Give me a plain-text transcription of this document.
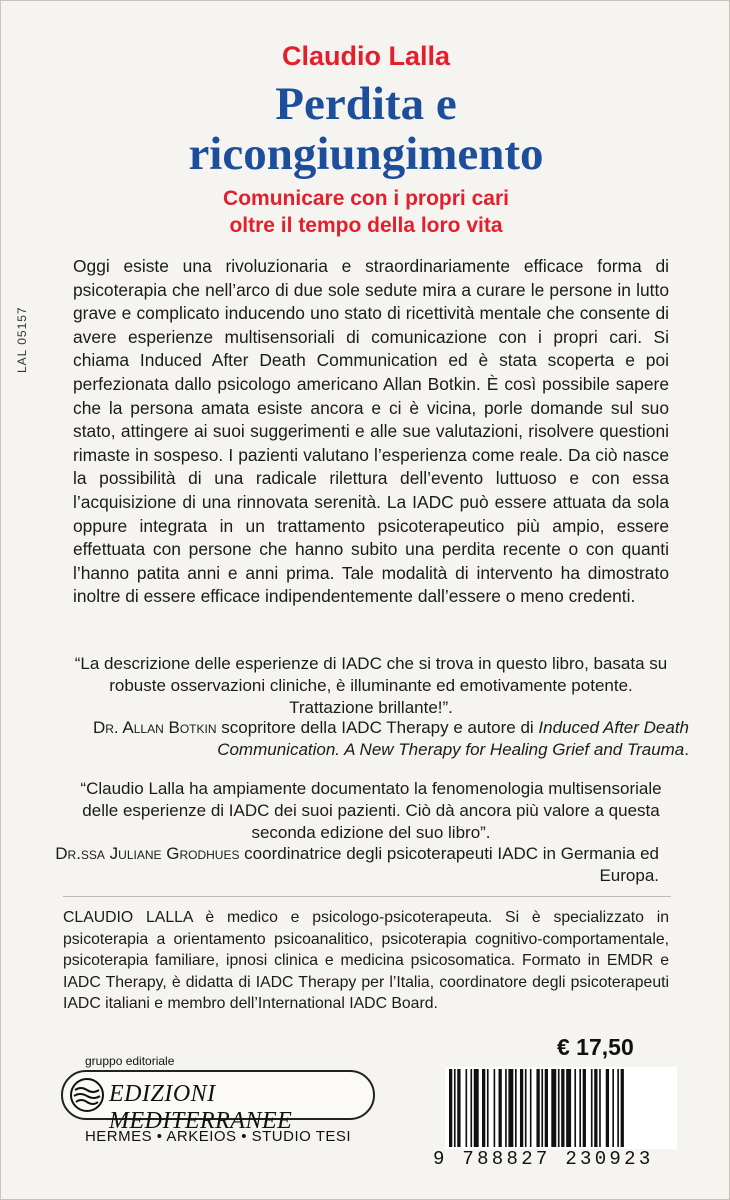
Claudio Lalla
Perdita e
ricongiungimento
Comunicare con i propri cari
oltre il tempo della loro vita
LAL 05157
Oggi esiste una rivoluzionaria e straordinariamente efficace forma di psicoterapia che nell’arco di due sole sedute mira a curare le persone in lutto grave e complicato inducendo uno stato di ricettività mentale che consente di avere esperienze multisensoriali di comunicazione con i propri cari. Si chiama Induced After Death Communication ed è stata scoperta e poi perfezionata dallo psicologo americano Allan Botkin. È così possibile sapere che la persona amata esiste ancora e ci è vicina, porle domande sul suo stato, attingere ai suoi suggerimenti e alle sue valutazioni, risolvere questioni rimaste in sospeso. I pazienti valutano l’esperienza come reale. Da ciò nasce la possibilità di una radicale rilettura dell’evento luttuoso e con essa l’acquisizione di una rinnovata serenità. La IADC può essere attuata da sola oppure integrata in un trattamento psicoterapeutico più ampio, essere effettuata con persone che hanno subito una perdita recente o con quanti l’hanno patita anni e anni prima. Tale modalità di intervento ha dimostrato inoltre di essere efficace indipendentemente dall’essere o meno credenti.
“La descrizione delle esperienze di IADC che si trova in questo libro, basata su robuste osservazioni cliniche, è illuminante ed emotivamente potente. Trattazione brillante!”.
Dr. Allan Botkin scopritore della IADC Therapy e autore di Induced After Death Communication. A New Therapy for Healing Grief and Trauma.
“Claudio Lalla ha ampiamente documentato la fenomenologia multisensoriale delle esperienze di IADC dei suoi pazienti. Ciò dà ancora più valore a questa seconda edizione del suo libro”.
Dr.ssa Juliane Grodhues coordinatrice degli psicoterapeuti IADC in Germania ed Europa.
CLAUDIO LALLA è medico e psicologo-psicoterapeuta. Si è specializzato in psicoterapia a orientamento psicoanalitico, psicoterapia cognitivo-comportamentale, psicoterapia familiare, ipnosi clinica e medicina psicosomatica. Formato in EMDR e IADC Therapy, è didatta di IADC Therapy per l’Italia, coordinatore degli psicoterapeuti IADC italiani e membro dell’International IADC Board.
€ 17,50
gruppo editoriale
EDIZIONI MEDITERRANEE
HERMES • ARKEIOS • STUDIO TESI
9 788827 230923
